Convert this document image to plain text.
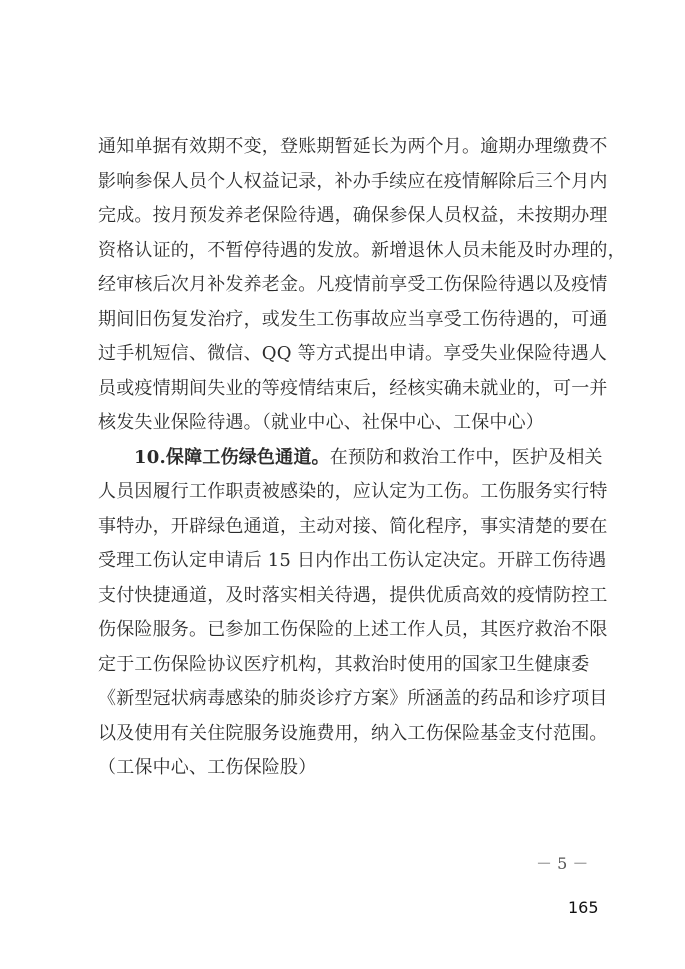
通知单据有效期不变，登账期暂延长为两个月。逾期办理缴费不
影响参保人员个人权益记录，补办手续应在疫情解除后三个月内
完成。按月预发养老保险待遇，确保参保人员权益，未按期办理
资格认证的，不暂停待遇的发放。新增退休人员未能及时办理的，
经审核后次月补发养老金。凡疫情前享受工伤保险待遇以及疫情
期间旧伤复发治疗，或发生工伤事故应当享受工伤待遇的，可通
过手机短信、微信、QQ 等方式提出申请。享受失业保险待遇人
员或疫情期间失业的等疫情结束后，经核实确未就业的，可一并
核发失业保险待遇。（就业中心、社保中心、工保中心）
10.保障工伤绿色通道。在预防和救治工作中，医护及相关
人员因履行工作职责被感染的，应认定为工伤。工伤服务实行特
事特办，开辟绿色通道，主动对接、简化程序，事实清楚的要在
受理工伤认定申请后 15 日内作出工伤认定决定。开辟工伤待遇
支付快捷通道，及时落实相关待遇，提供优质高效的疫情防控工
伤保险服务。已参加工伤保险的上述工作人员，其医疗救治不限
定于工伤保险协议医疗机构，其救治时使用的国家卫生健康委
《新型冠状病毒感染的肺炎诊疗方案》所涵盖的药品和诊疗项目
以及使用有关住院服务设施费用，纳入工伤保险基金支付范围。
（工保中心、工伤保险股）
－ 5 －
165
